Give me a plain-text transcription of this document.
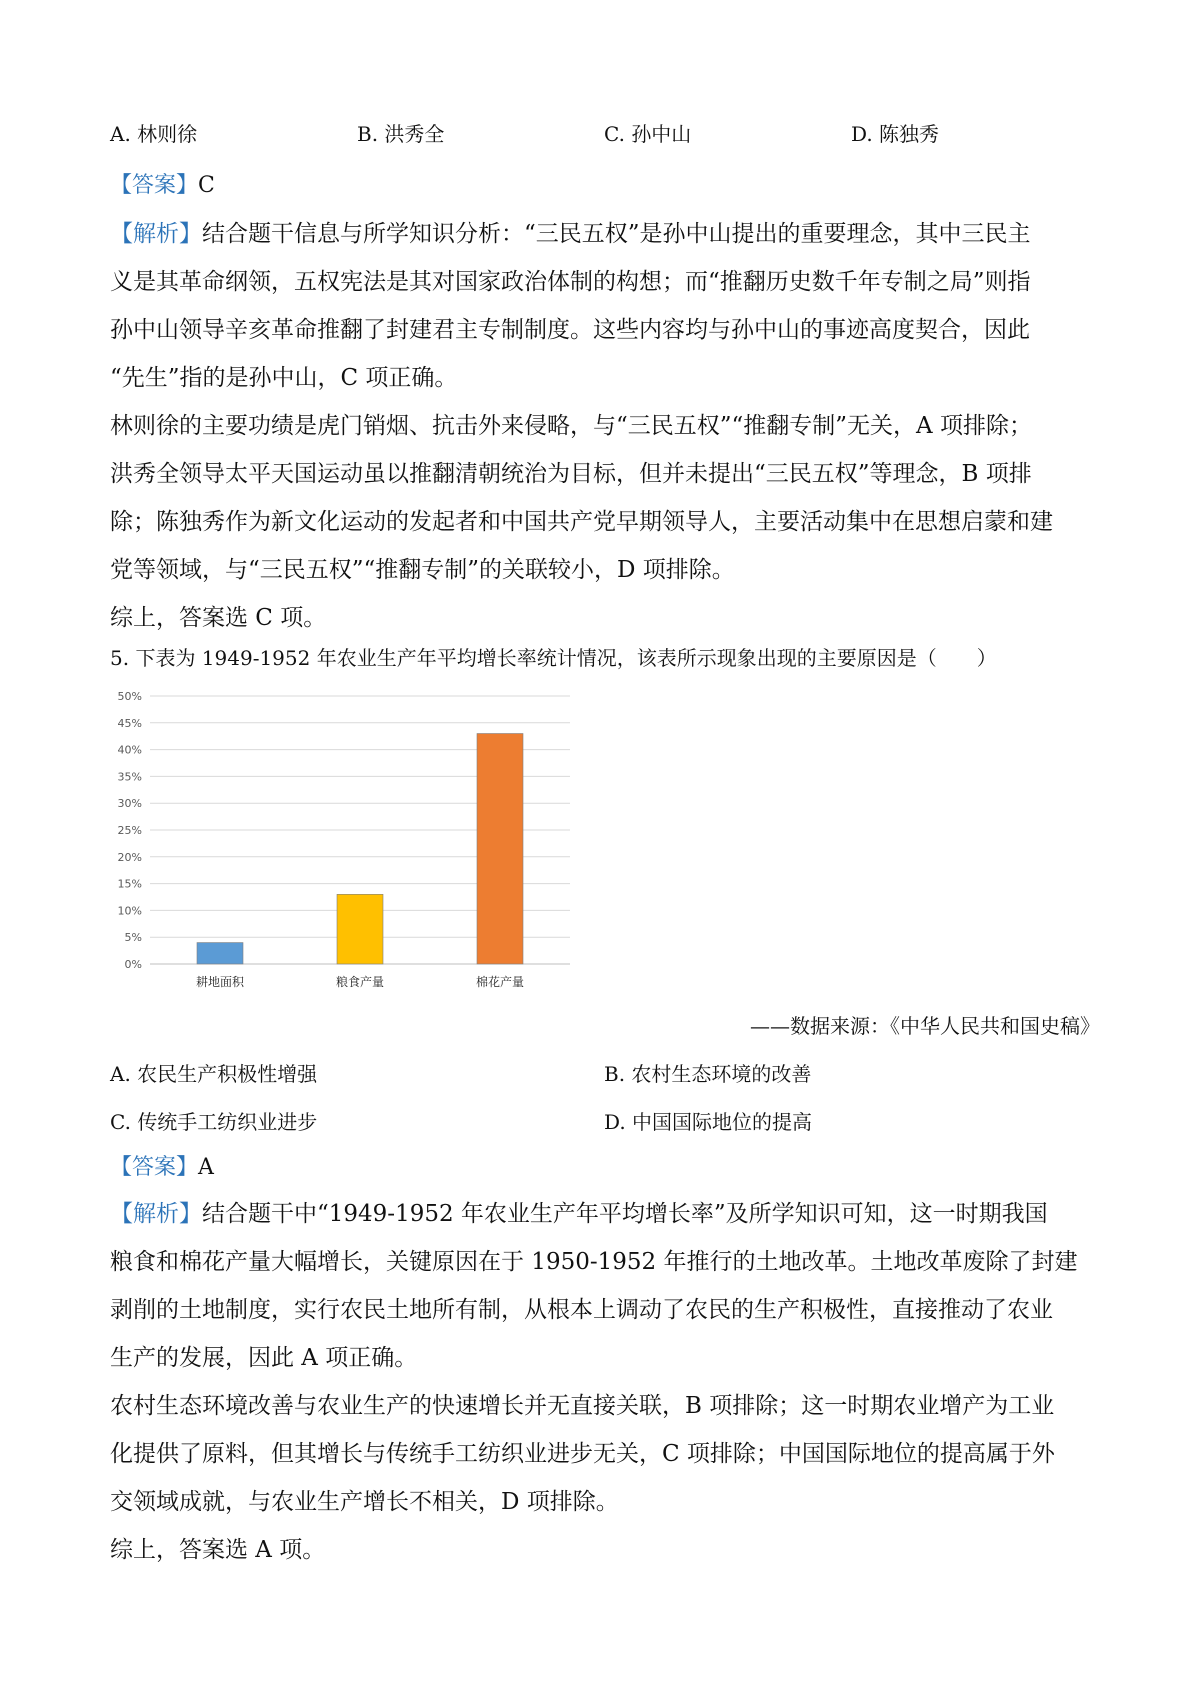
A. 林则徐	B. 洪秀全	C. 孙中山	D. 陈独秀
【答案】C

【解析】结合题干信息与所学知识分析：“三民五权”是孙中山提出的重要理念，其中三民主

义是其革命纲领，五权宪法是其对国家政治体制的构想；而“推翻历史数千年专制之局”则指

孙中山领导辛亥革命推翻了封建君主专制制度。这些内容均与孙中山的事迹高度契合，因此

“先生”指的是孙中山，C 项正确。

林则徐的主要功绩是虎门销烟、抗击外来侵略，与“三民五权”“推翻专制”无关，A 项排除；

洪秀全领导太平天国运动虽以推翻清朝统治为目标，但并未提出“三民五权”等理念，B 项排

除；陈独秀作为新文化运动的发起者和中国共产党早期领导人，主要活动集中在思想启蒙和建

党等领域，与“三民五权”“推翻专制”的关联较小，D 项排除。

综上，答案选 C 项。

5. 下表为 1949-1952 年农业生产年平均增长率统计情况，该表所示现象出现的主要原因是（　　）
0%
5%
10%
15%
20%
25%
30%
35%
40%
45%
50%
耕地面积	粮食产量	棉花产量
——数据来源：《中华人民共和国史稿》
A. 农民生产积极性增强	B. 农村生态环境的改善
C. 传统手工纺织业进步	D. 中国国际地位的提高
【答案】A

【解析】结合题干中“1949-1952 年农业生产年平均增长率”及所学知识可知，这一时期我国

粮食和棉花产量大幅增长，关键原因在于 1950-1952 年推行的土地改革。土地改革废除了封建

剥削的土地制度，实行农民土地所有制，从根本上调动了农民的生产积极性，直接推动了农业

生产的发展，因此 A 项正确。

农村生态环境改善与农业生产的快速增长并无直接关联，B 项排除；这一时期农业增产为工业

化提供了原料，但其增长与传统手工纺织业进步无关，C 项排除；中国国际地位的提高属于外

交领域成就，与农业生产增长不相关，D 项排除。

综上，答案选 A 项。
